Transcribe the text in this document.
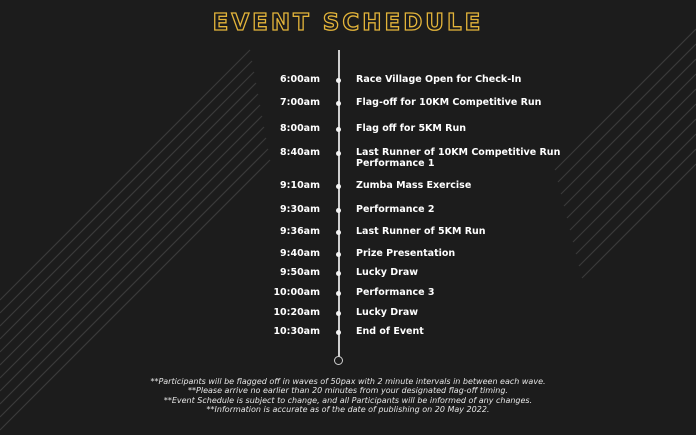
EVENT SCHEDULE
6:00am	Race Village Open for Check-In
7:00am	Flag-off for 10KM Competitive Run
8:00am	Flag off for 5KM Run
8:40am	Last Runner of 10KM Competitive Run
Performance 1
9:10am	Zumba Mass Exercise
9:30am	Performance 2
9:36am	Last Runner of 5KM Run
9:40am	Prize Presentation
9:50am	Lucky Draw
10:00am	Performance 3
10:20am	Lucky Draw
10:30am	End of Event
**Participants will be flagged off in waves of 50pax with 2 minute intervals in between each wave.
**Please arrive no earlier than 20 minutes from your designated flag-off timing.
**Event Schedule is subject to change, and all Participants will be informed of any changes.
**Information is accurate as of the date of publishing on 20 May 2022.
